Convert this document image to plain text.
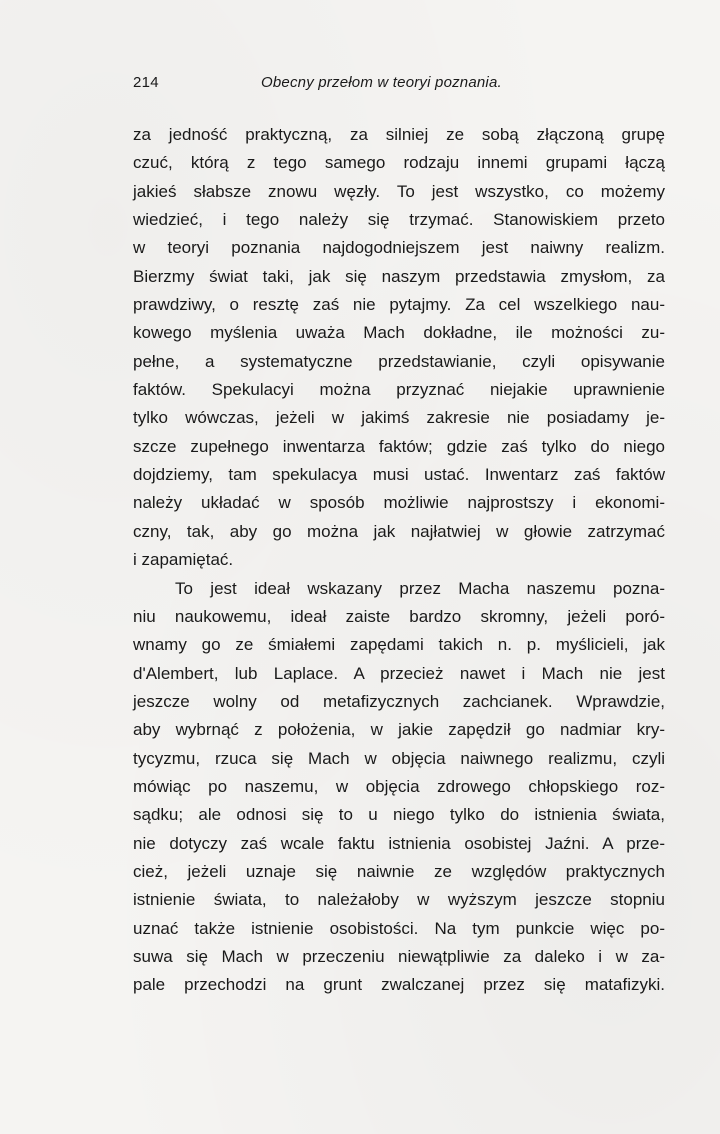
214	Obecny przełom w teoryi poznania.
za jedność praktyczną, za silniej ze sobą złączoną grupę
czuć, którą z tego samego rodzaju innemi grupami łączą
jakieś słabsze znowu węzły. To jest wszystko, co możemy
wiedzieć, i tego należy się trzymać. Stanowiskiem przeto
w teoryi poznania najdogodniejszem jest naiwny realizm.
Bierzmy świat taki, jak się naszym przedstawia zmysłom, za
prawdziwy, o resztę zaś nie pytajmy. Za cel wszelkiego nau-
kowego myślenia uważa Mach dokładne, ile możności zu-
pełne, a systematyczne przedstawianie, czyli opisywanie
faktów. Spekulacyi można przyznać niejakie uprawnienie
tylko wówczas, jeżeli w jakimś zakresie nie posiadamy je-
szcze zupełnego inwentarza faktów; gdzie zaś tylko do niego
dojdziemy, tam spekulacya musi ustać. Inwentarz zaś faktów
należy układać w sposób możliwie najprostszy i ekonomi-
czny, tak, aby go można jak najłatwiej w głowie zatrzymać
i zapamiętać.
To jest ideał wskazany przez Macha naszemu pozna-
niu naukowemu, ideał zaiste bardzo skromny, jeżeli poró-
wnamy go ze śmiałemi zapędami takich n. p. myślicieli, jak
d'Alembert, lub Laplace. A przecież nawet i Mach nie jest
jeszcze wolny od metafizycznych zachcianek. Wprawdzie,
aby wybrnąć z położenia, w jakie zapędził go nadmiar kry-
tycyzmu, rzuca się Mach w objęcia naiwnego realizmu, czyli
mówiąc po naszemu, w objęcia zdrowego chłopskiego roz-
sądku; ale odnosi się to u niego tylko do istnienia świata,
nie dotyczy zaś wcale faktu istnienia osobistej Jaźni. A prze-
cież, jeżeli uznaje się naiwnie ze względów praktycznych
istnienie świata, to należałoby w wyższym jeszcze stopniu
uznać także istnienie osobistości. Na tym punkcie więc po-
suwa się Mach w przeczeniu niewątpliwie za daleko i w za-
pale przechodzi na grunt zwalczanej przez się matafizyki.
